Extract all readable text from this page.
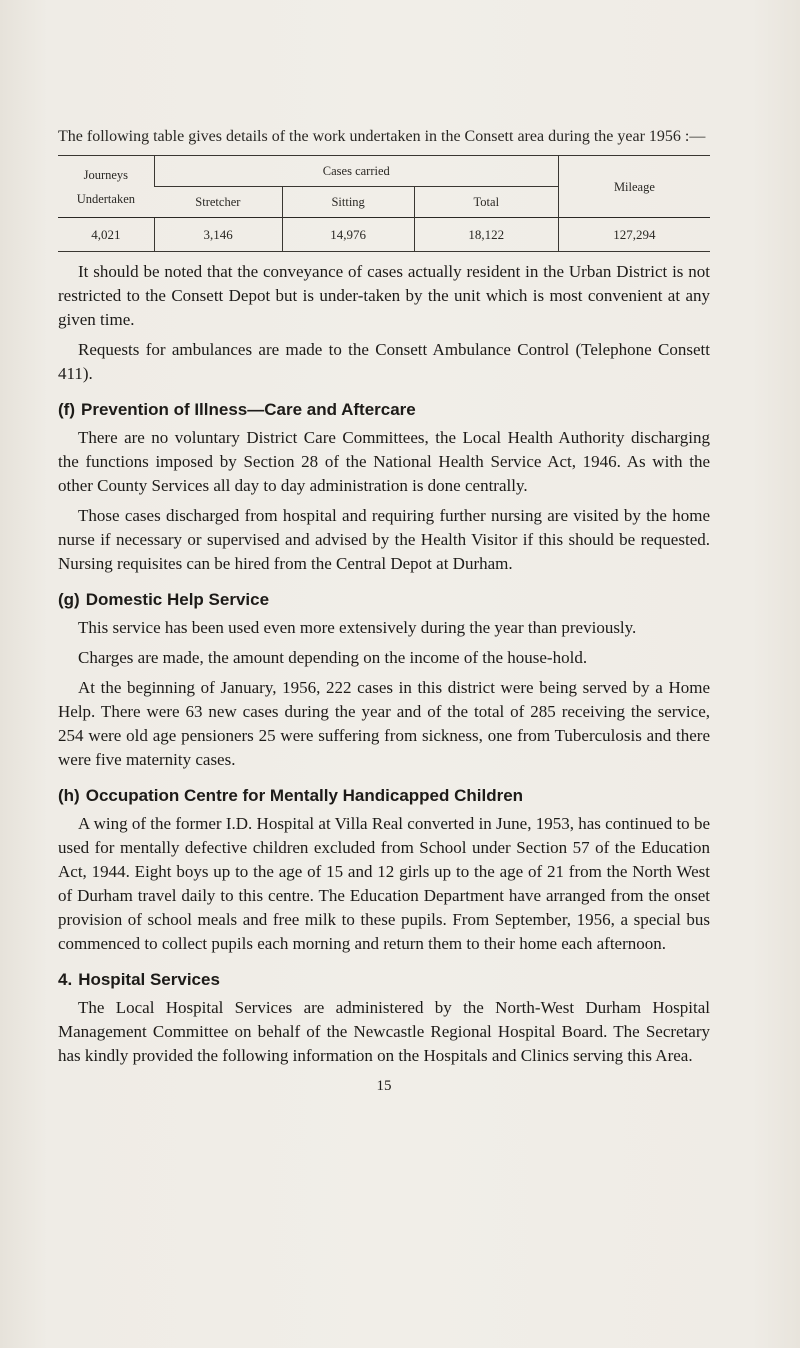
The following table gives details of the work undertaken in the Consett area during the year 1956 :—

Journeys Undertaken	Cases carried			Mileage
	Stretcher	Sitting	Total	
4,021	3,146	14,976	18,122	127,294

It should be noted that the conveyance of cases actually resident in the Urban District is not restricted to the Consett Depot but is under-taken by the unit which is most convenient at any given time.

Requests for ambulances are made to the Consett Ambulance Control (Telephone Consett 411).

(f) Prevention of Illness—Care and Aftercare

There are no voluntary District Care Committees, the Local Health Authority discharging the functions imposed by Section 28 of the National Health Service Act, 1946. As with the other County Services all day to day administration is done centrally.

Those cases discharged from hospital and requiring further nursing are visited by the home nurse if necessary or supervised and advised by the Health Visitor if this should be requested. Nursing requisites can be hired from the Central Depot at Durham.

(g) Domestic Help Service

This service has been used even more extensively during the year than previously.

Charges are made, the amount depending on the income of the house-hold.

At the beginning of January, 1956, 222 cases in this district were being served by a Home Help. There were 63 new cases during the year and of the total of 285 receiving the service, 254 were old age pensioners 25 were suffering from sickness, one from Tuberculosis and there were five maternity cases.

(h) Occupation Centre for Mentally Handicapped Children

A wing of the former I.D. Hospital at Villa Real converted in June, 1953, has continued to be used for mentally defective children excluded from School under Section 57 of the Education Act, 1944. Eight boys up to the age of 15 and 12 girls up to the age of 21 from the North West of Durham travel daily to this centre. The Education Department have arranged from the onset provision of school meals and free milk to these pupils. From September, 1956, a special bus commenced to collect pupils each morning and return them to their home each afternoon.

4. Hospital Services

The Local Hospital Services are administered by the North-West Durham Hospital Management Committee on behalf of the Newcastle Regional Hospital Board. The Secretary has kindly provided the following information on the Hospitals and Clinics serving this Area.

15
